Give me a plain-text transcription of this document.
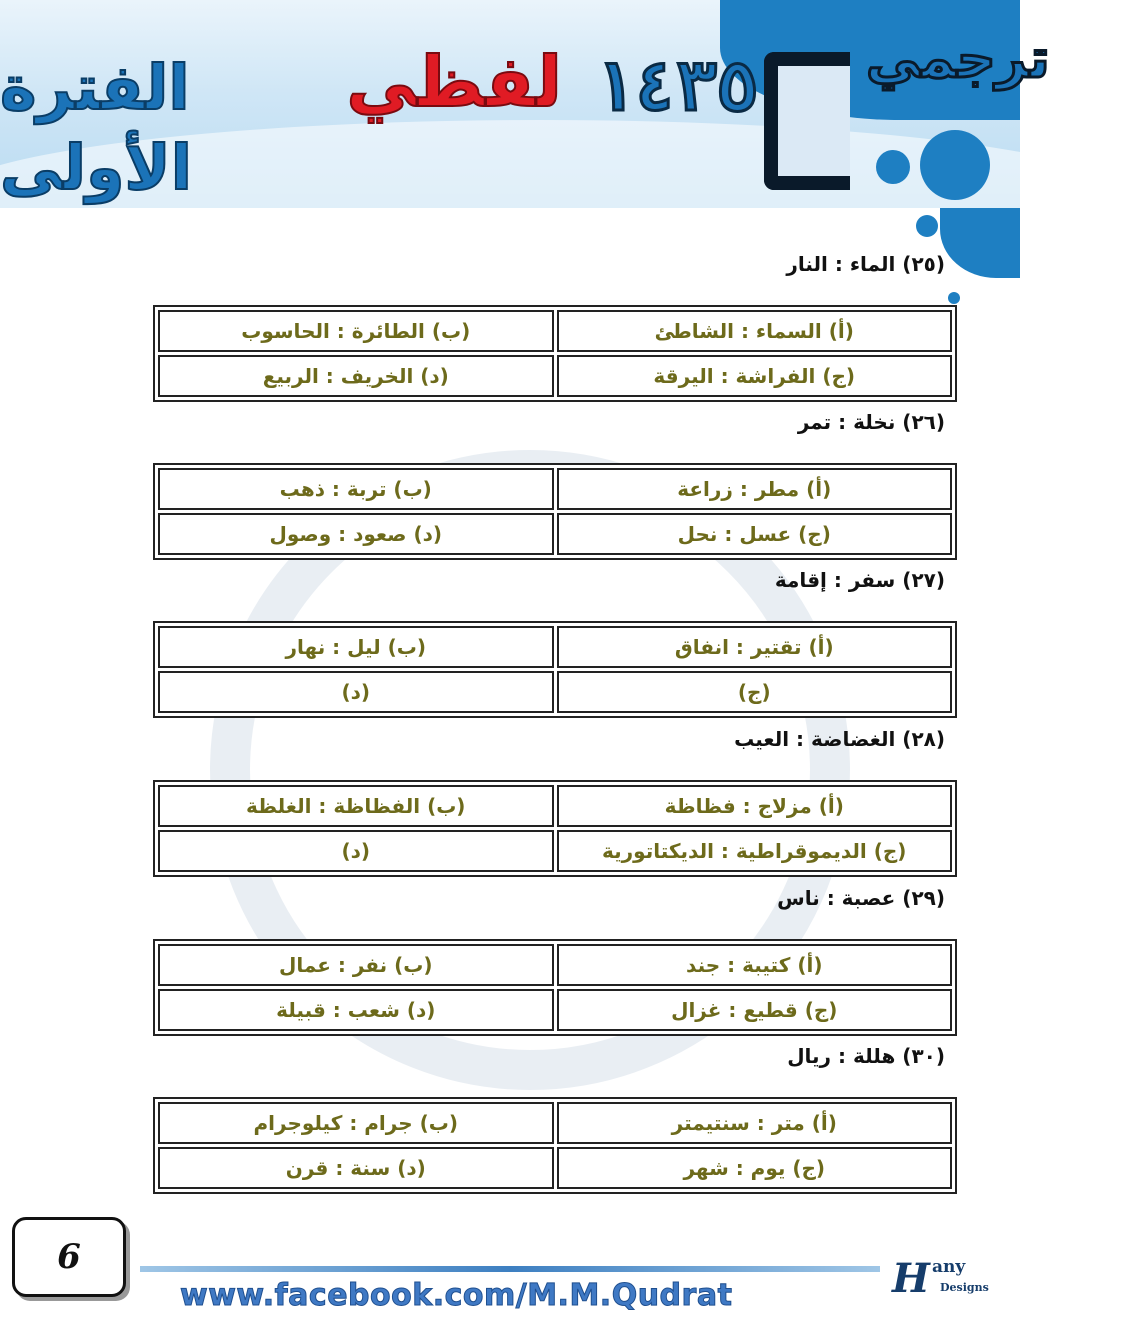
الفترة الأولى
لفظي ١٤٣٥ ترجمي
(٢٥) الماء : النار
(أ) السماء : الشاطئ	(ب) الطائرة : الحاسوب
(ج) الفراشة : اليرقة	(د) الخريف : الربيع
(٢٦) نخلة : تمر
(أ) مطر : زراعة	(ب) تربة : ذهب
(ج) عسل : نحل	(د) صعود : وصول
(٢٧) سفر : إقامة
(أ) تقتير : انفاق	(ب) ليل : نهار
(ج)	(د)
(٢٨) الغضاضة : العيب
(أ) مزلاج : فظاظة	(ب) الفظاظة : الغلظة
(ج) الديموقراطية : الديكتاتورية	(د)
(٢٩) عصبة : ناس
(أ) كتيبة : جند	(ب) نفر : عمال
(ج) قطيع : غزال	(د) شعب : قبيلة
(٣٠) هللة : ريال
(أ) متر : سنتيمتر	(ب) جرام : كيلوجرام
(ج) يوم : شهر	(د) سنة : قرن
6
www.facebook.com/M.M.Qudrat	H any
Designs
